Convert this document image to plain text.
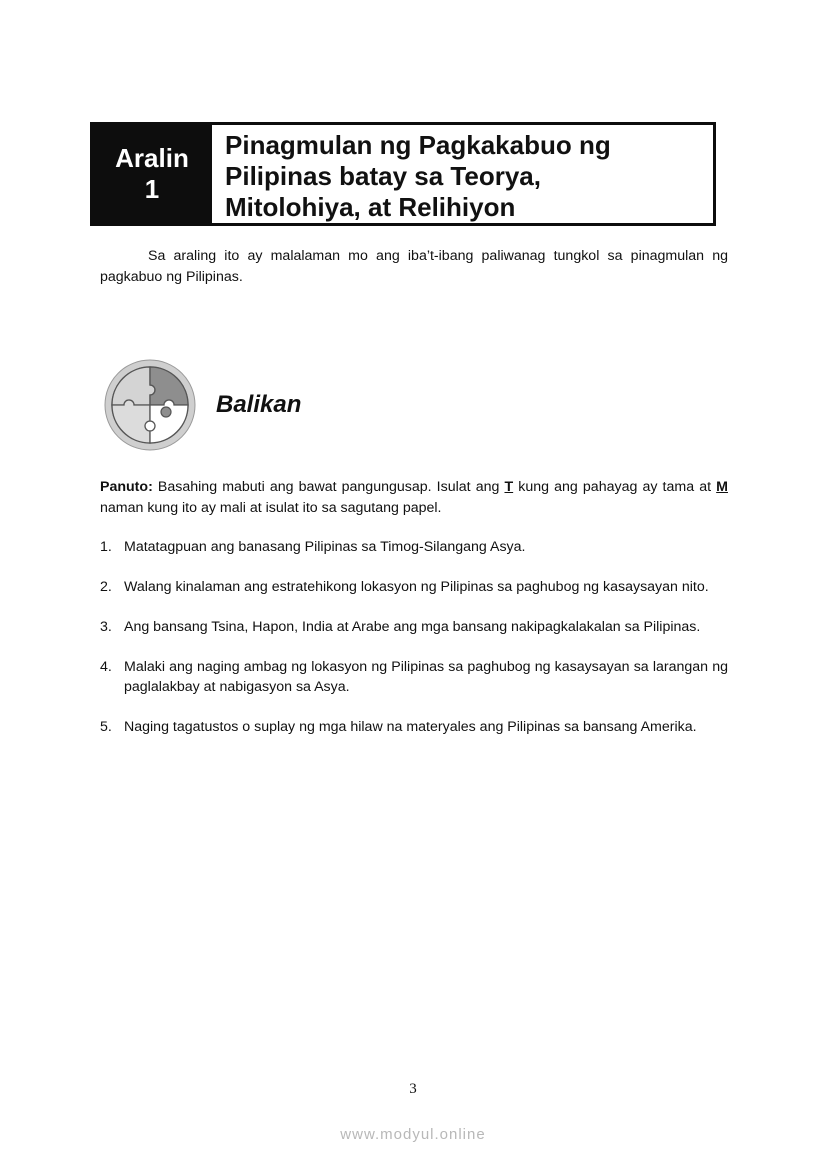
Aralin
1
Pinagmulan ng Pagkakabuo ng
Pilipinas batay sa Teorya,
Mitolohiya, at Relihiyon
Sa araling ito ay malalaman mo ang iba’t-ibang paliwanag tungkol sa pinagmulan ng pagkabuo ng Pilipinas.
Balikan
Panuto: Basahing mabuti ang bawat pangungusap. Isulat ang T kung ang pahayag ay tama at M naman kung ito ay mali at isulat ito sa sagutang papel.
1. Matatagpuan ang banasang Pilipinas sa Timog-Silangang Asya.
2. Walang kinalaman ang estratehikong lokasyon ng Pilipinas sa paghubog ng kasaysayan nito.
3. Ang bansang Tsina, Hapon, India at Arabe ang mga bansang nakipagkalakalan sa Pilipinas.
4. Malaki ang naging ambag ng lokasyon ng Pilipinas sa paghubog ng kasaysayan sa larangan ng paglalakbay at nabigasyon sa Asya.
5. Naging tagatustos o suplay ng mga hilaw na materyales ang Pilipinas sa bansang Amerika.
3
www.modyul.online
